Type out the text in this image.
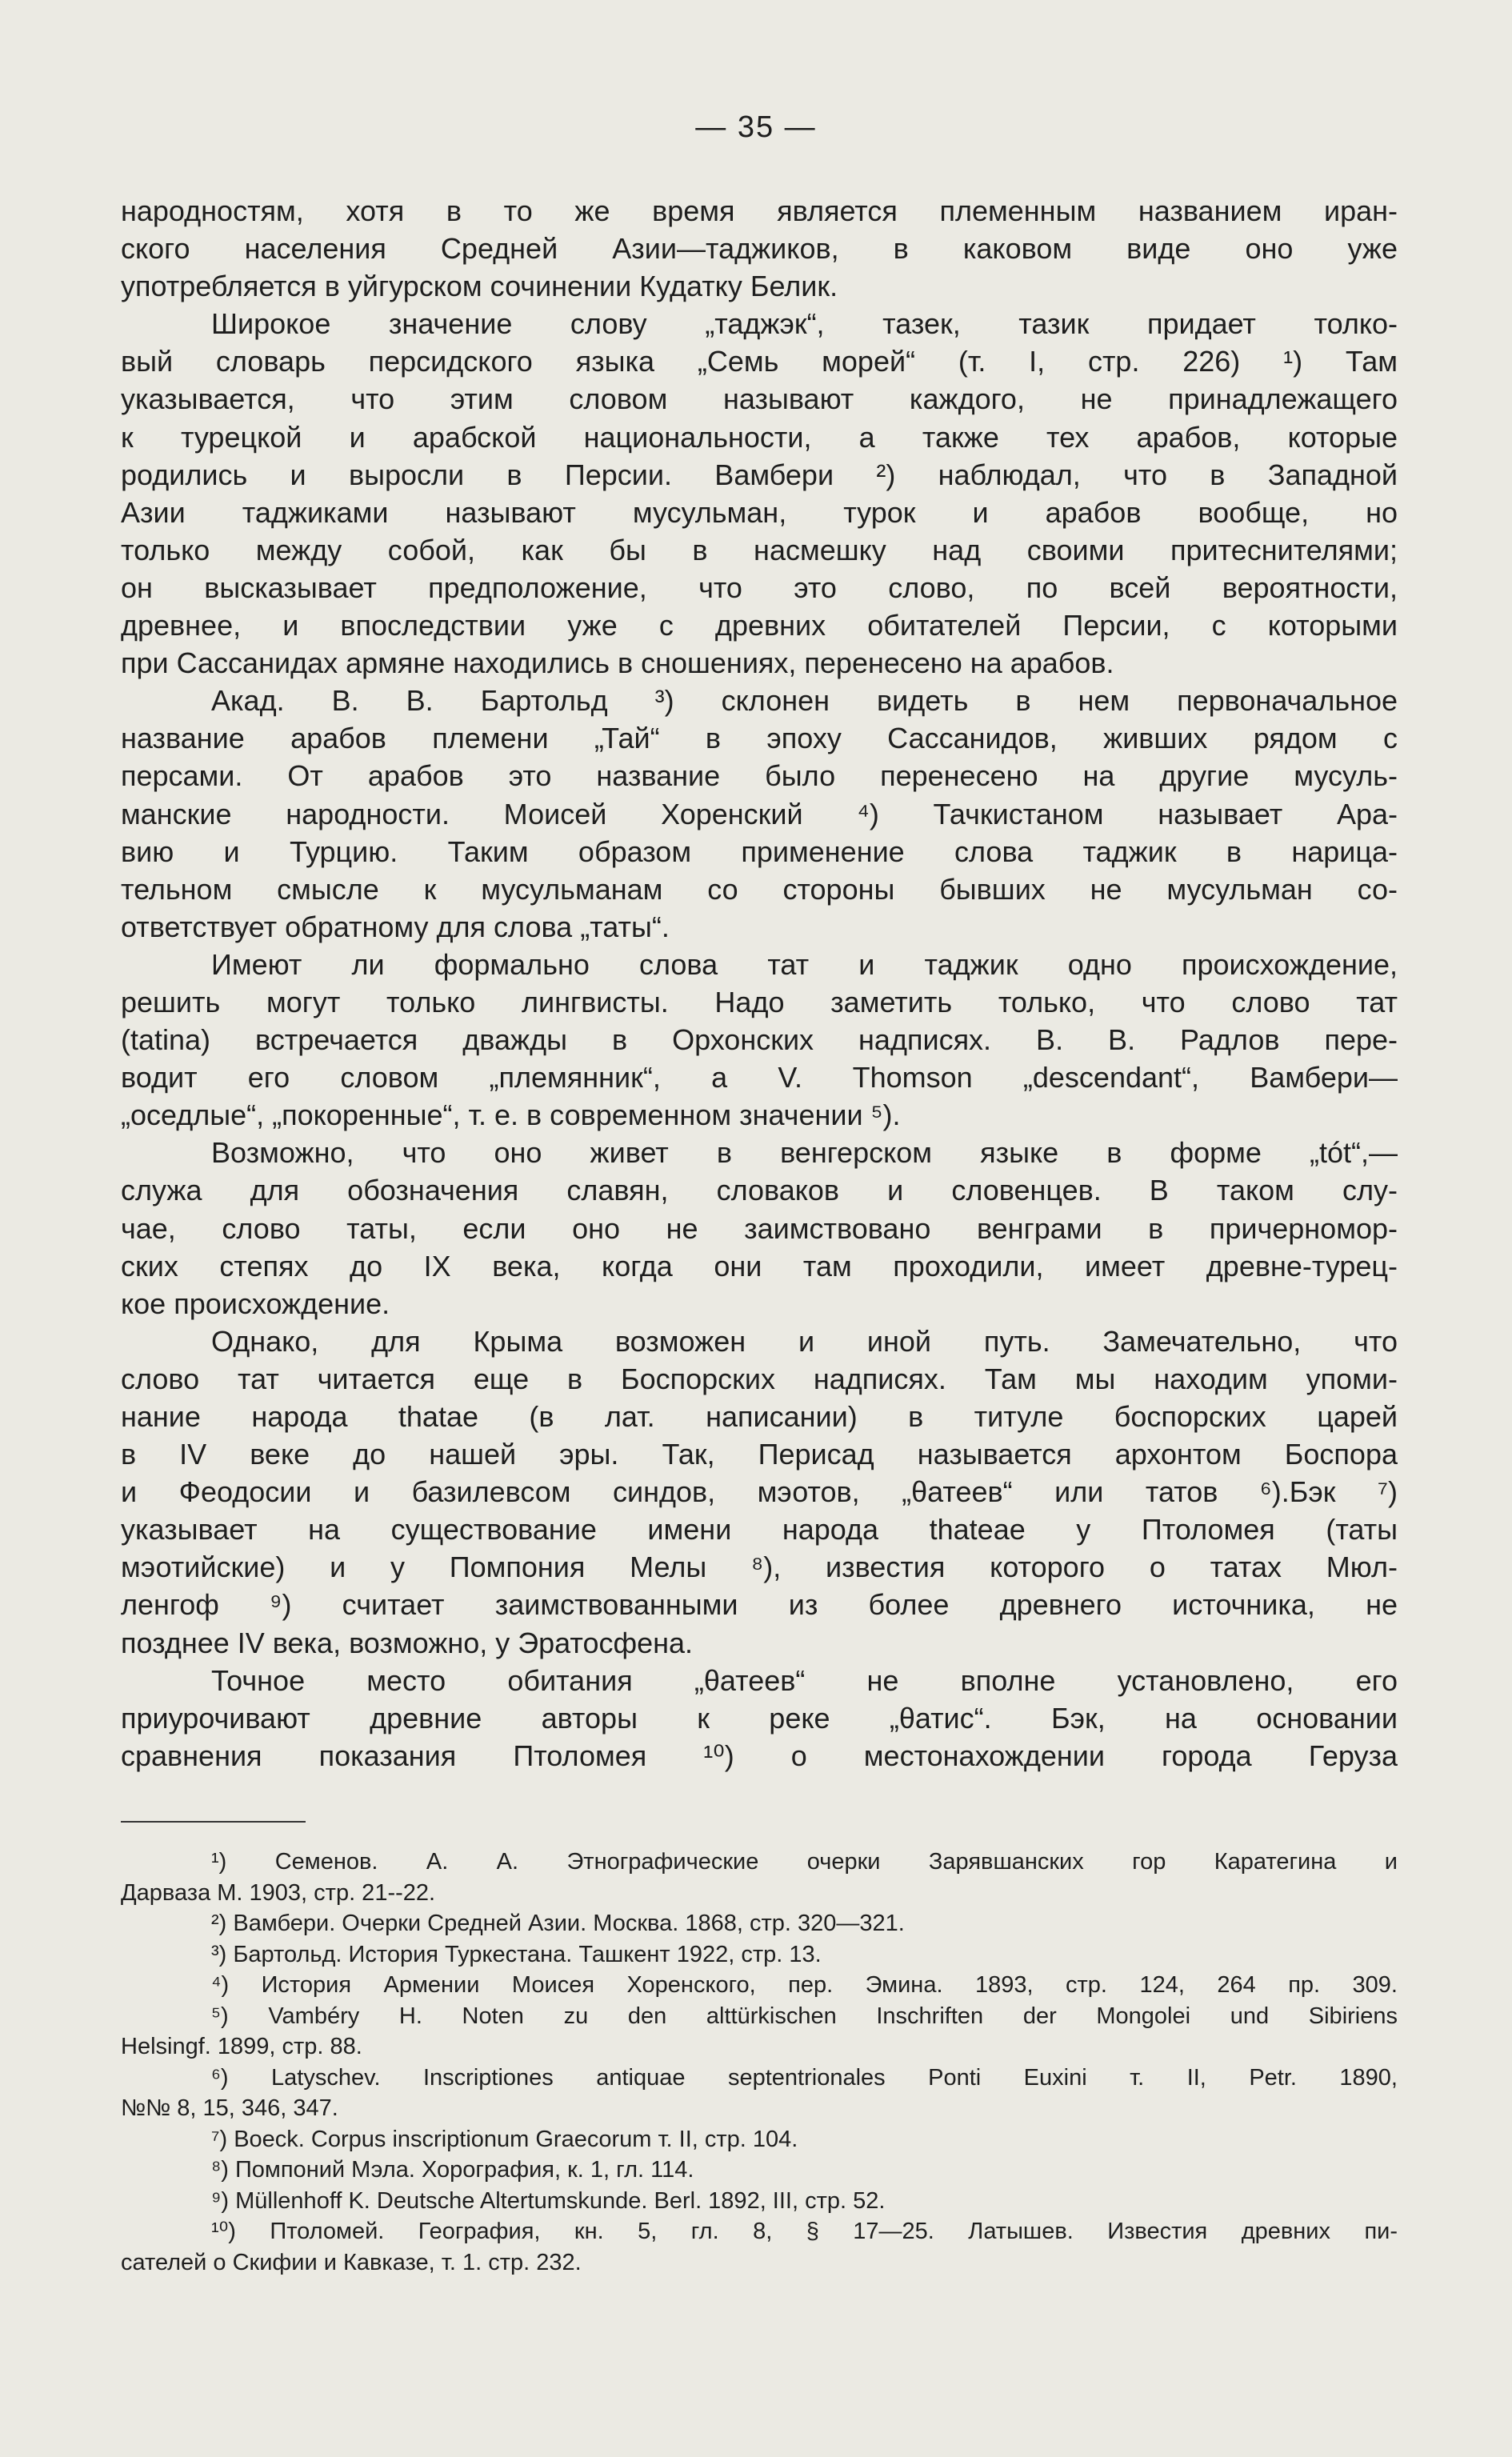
— 35 —
народностям, хотя в то же время является племенным названием иран-
ского населения Средней Азии—таджиков, в каковом виде оно уже
употребляется в уйгурском сочинении Кудатку Белик.
Широкое значение слову „таджэк“, тазек, тазик придает толко-
вый словарь персидского языка „Семь морей“ (т. I, стр. 226) ¹) Там
указывается, что этим словом называют каждого, не принадлежащего
к турецкой и арабской национальности, а также тех арабов, которые
родились и выросли в Персии. Вамбери ²) наблюдал, что в Западной
Азии таджиками называют мусульман, турок и арабов вообще, но
только между собой, как бы в насмешку над своими притеснителями;
он высказывает предположение, что это слово, по всей вероятности,
древнее, и впоследствии уже с древних обитателей Персии, с которыми
при Сассанидах армяне находились в сношениях, перенесено на арабов.
Акад. В. В. Бартольд ³) склонен видеть в нем первоначальное
название арабов племени „Тай“ в эпоху Сассанидов, живших рядом с
персами. От арабов это название было перенесено на другие мусуль-
манские народности. Моисей Хоренский ⁴) Тачкистаном называет Ара-
вию и Турцию. Таким образом применение слова таджик в нарица-
тельном смысле к мусульманам со стороны бывших не мусульман со-
ответствует обратному для слова „таты“.
Имеют ли формально слова тат и таджик одно происхождение,
решить могут только лингвисты. Надо заметить только, что слово тат
(tatina) встречается дважды в Орхонских надписях. В. В. Радлов пере-
водит его словом „племянник“, а V. Thomson „descendant“, Вамбери—
„оседлые“, „покоренные“, т. е. в современном значении ⁵).
Возможно, что оно живет в венгерском языке в форме „tót“,—
служа для обозначения славян, словаков и словенцев. В таком слу-
чае, слово таты, если оно не заимствовано венграми в причерномор-
ских степях до IX века, когда они там проходили, имеет древне-турец-
кое происхождение.
Однако, для Крыма возможен и иной путь. Замечательно, что
слово тат читается еще в Боспорских надписях. Там мы находим упоми-
нание народа thatae (в лат. написании) в титуле боспорских царей
в IV веке до нашей эры. Так, Перисад называется архонтом Боспора
и Феодосии и базилевсом синдов, мэотов, „θатеев“ или татов ⁶).Бэк ⁷)
указывает на существование имени народа thateae у Птоломея (таты
мэотийские) и у Помпония Мелы ⁸), известия которого о татах Мюл-
ленгоф ⁹) считает заимствованными из более древнего источника, не
позднее IV века, возможно, у Эратосфена.
Точное место обитания „θатеев“ не вполне установлено, его
приурочивают древние авторы к реке „θатис“. Бэк, на основании
сравнения показания Птоломея ¹⁰) о местонахождении города Геруза
¹) Семенов. А. А. Этнографические очерки Зарявшанских гор Каратегина и
Дарваза М. 1903, стр. 21--22.
²) Вамбери. Очерки Средней Азии. Москва. 1868, стр. 320—321.
³) Бартольд. История Туркестана. Ташкент 1922, стр. 13.
⁴) История Армении Моисея Хоренского, пер. Эмина. 1893, стр. 124, 264 пр. 309.
⁵) Vambéry H. Noten zu den alttürkischen Inschriften der Mongolei und Sibiriens
Helsingf. 1899, стр. 88.
⁶) Latyschev. Inscriptiones antiquae septentrionales Ponti Euxini т. II, Petr. 1890,
№№ 8, 15, 346, 347.
⁷) Boeck. Corpus inscriptionum Graecorum т. II, стр. 104.
⁸) Помпоний Мэла. Хорография, к. 1, гл. 114.
⁹) Müllenhoff K. Deutsche Altertumskunde. Berl. 1892, III, стр. 52.
¹⁰) Птоломей. География, кн. 5, гл. 8, § 17—25. Латышев. Известия древних пи-
сателей о Скифии и Кавказе, т. 1. стр. 232.
